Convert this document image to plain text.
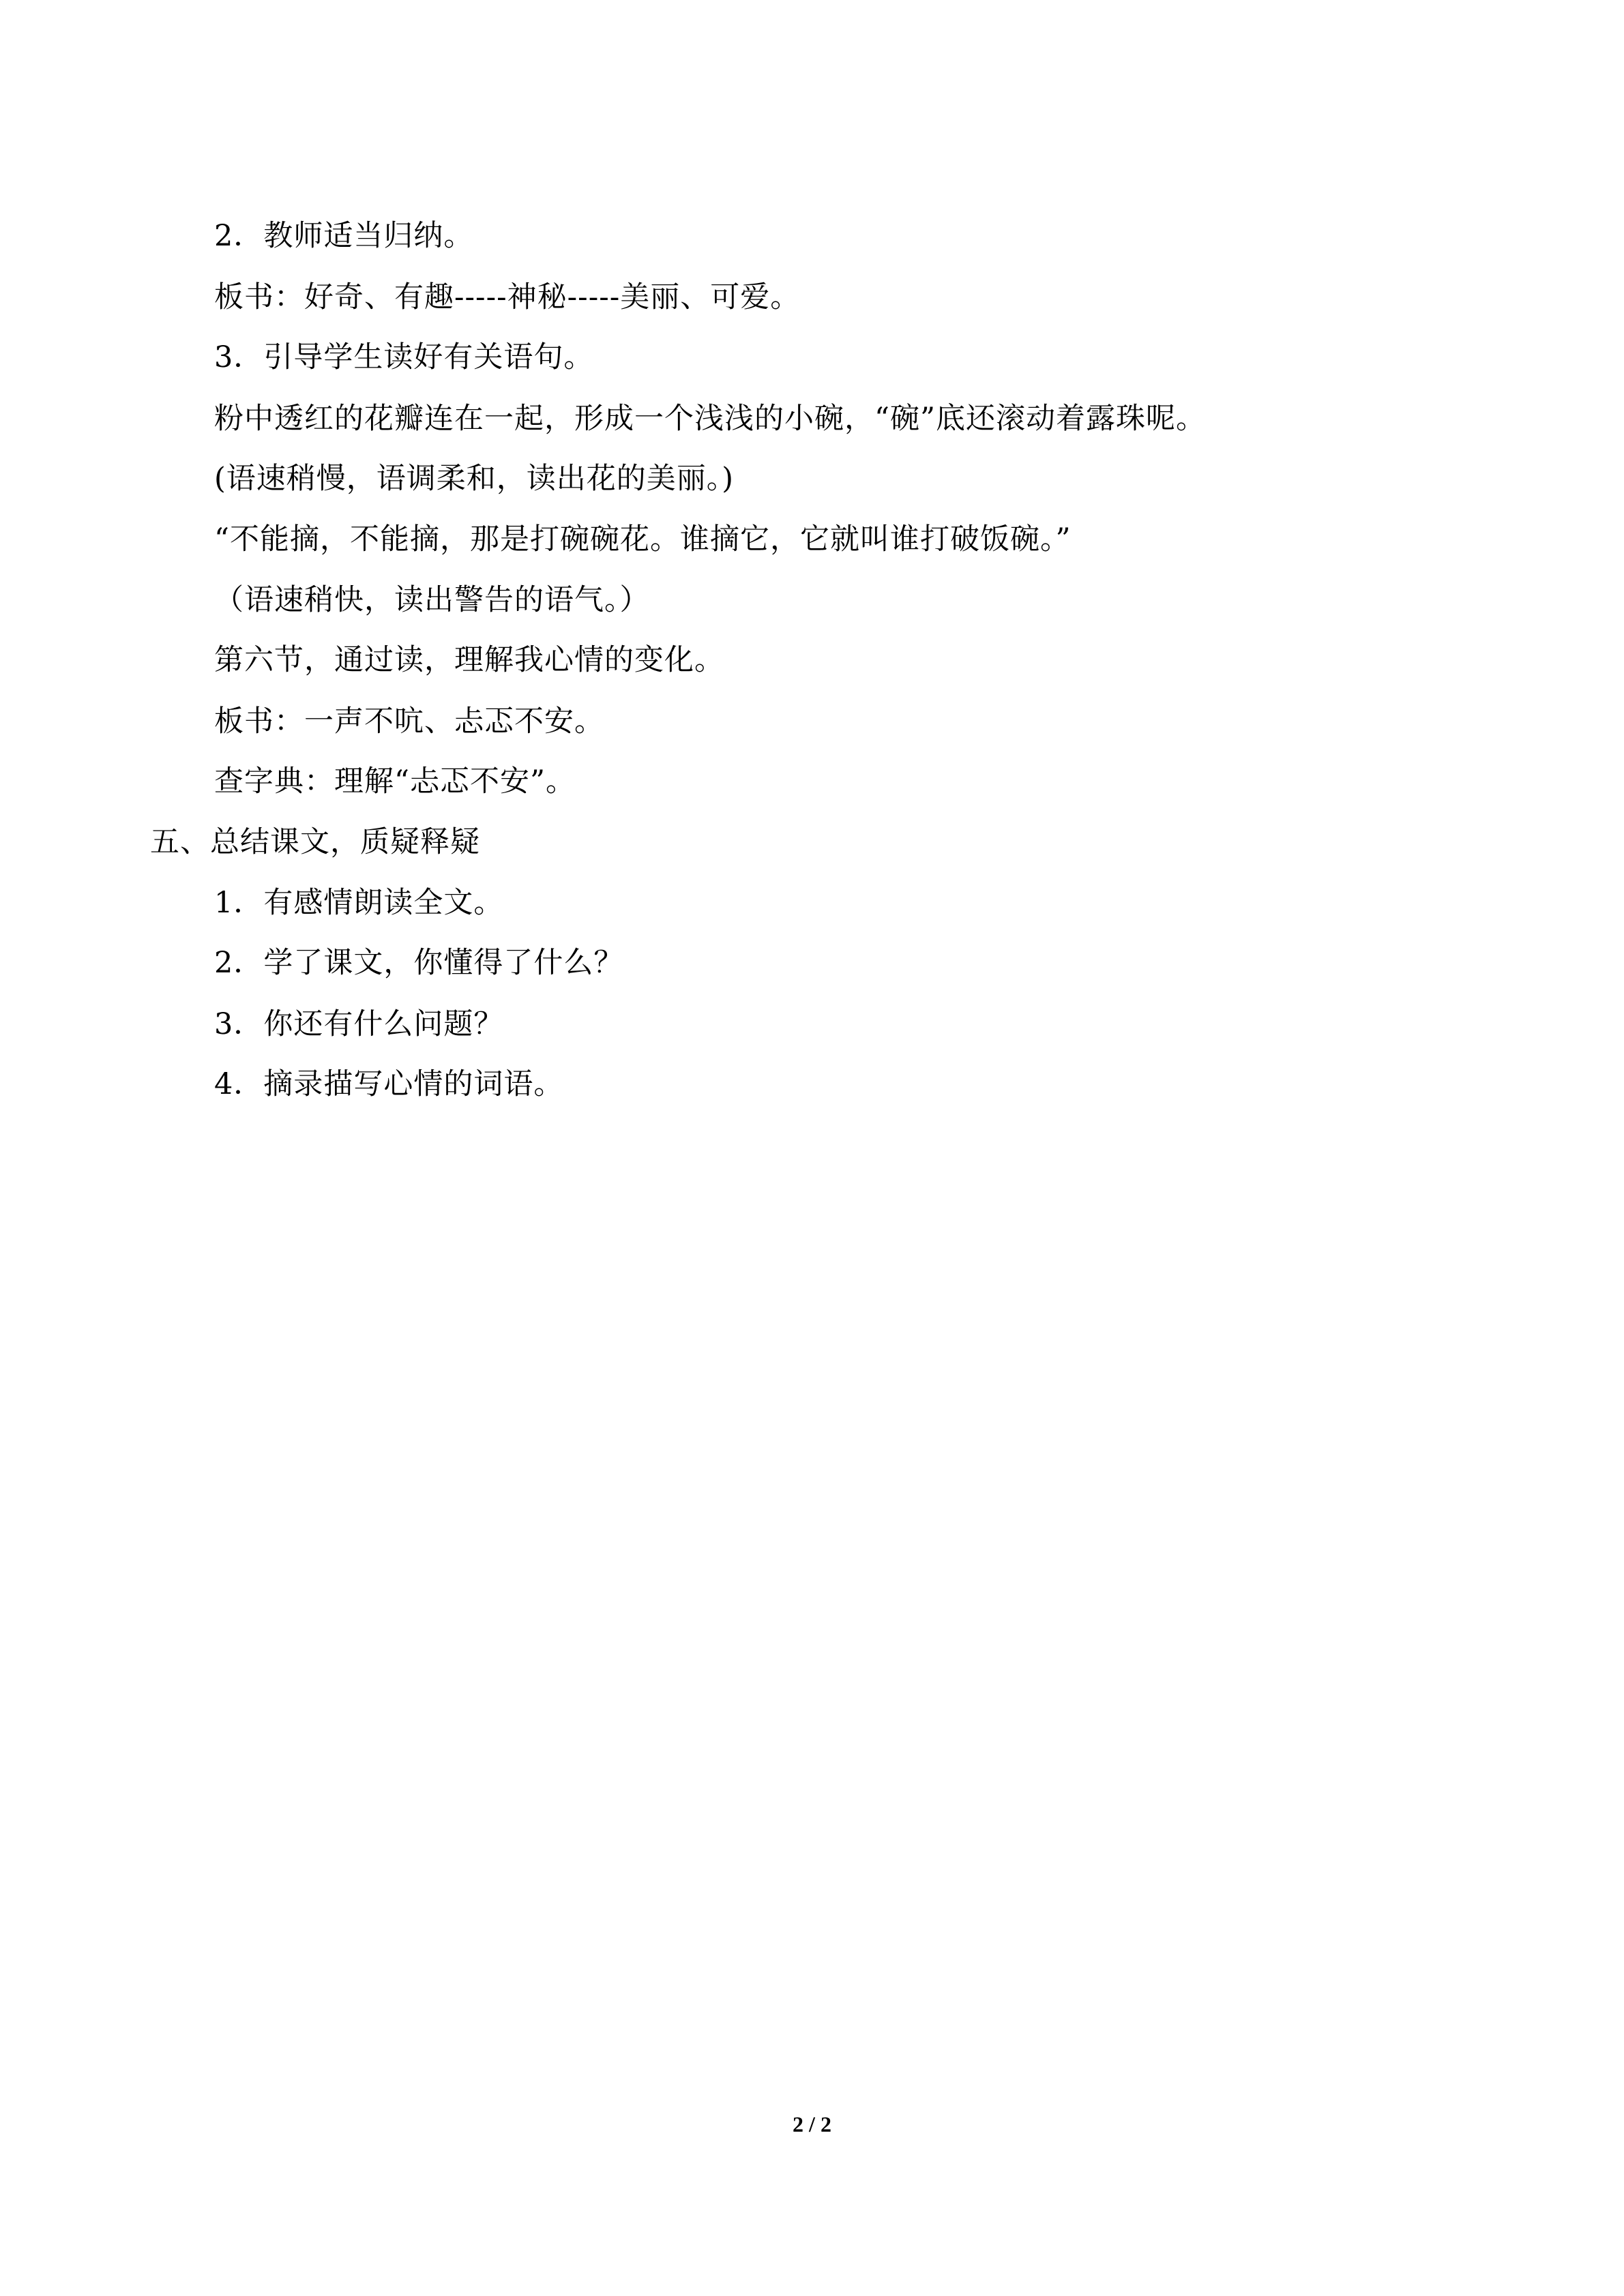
2．教师适当归纳。
板书：好奇、有趣-----神秘-----美丽、可爱。
3．引导学生读好有关语句。
粉中透红的花瓣连在一起，形成一个浅浅的小碗，“碗”底还滚动着露珠呢。
(语速稍慢，语调柔和，读出花的美丽。)
“不能摘，不能摘，那是打碗碗花。谁摘它，它就叫谁打破饭碗。”
（语速稍快，读出警告的语气。）
第六节，通过读，理解我心情的变化。
板书：一声不吭、忐忑不安。
查字典：理解“忐忑不安”。
五、总结课文，质疑释疑
1．有感情朗读全文。
2．学了课文，你懂得了什么？
3．你还有什么问题？
4．摘录描写心情的词语。
2 / 2
